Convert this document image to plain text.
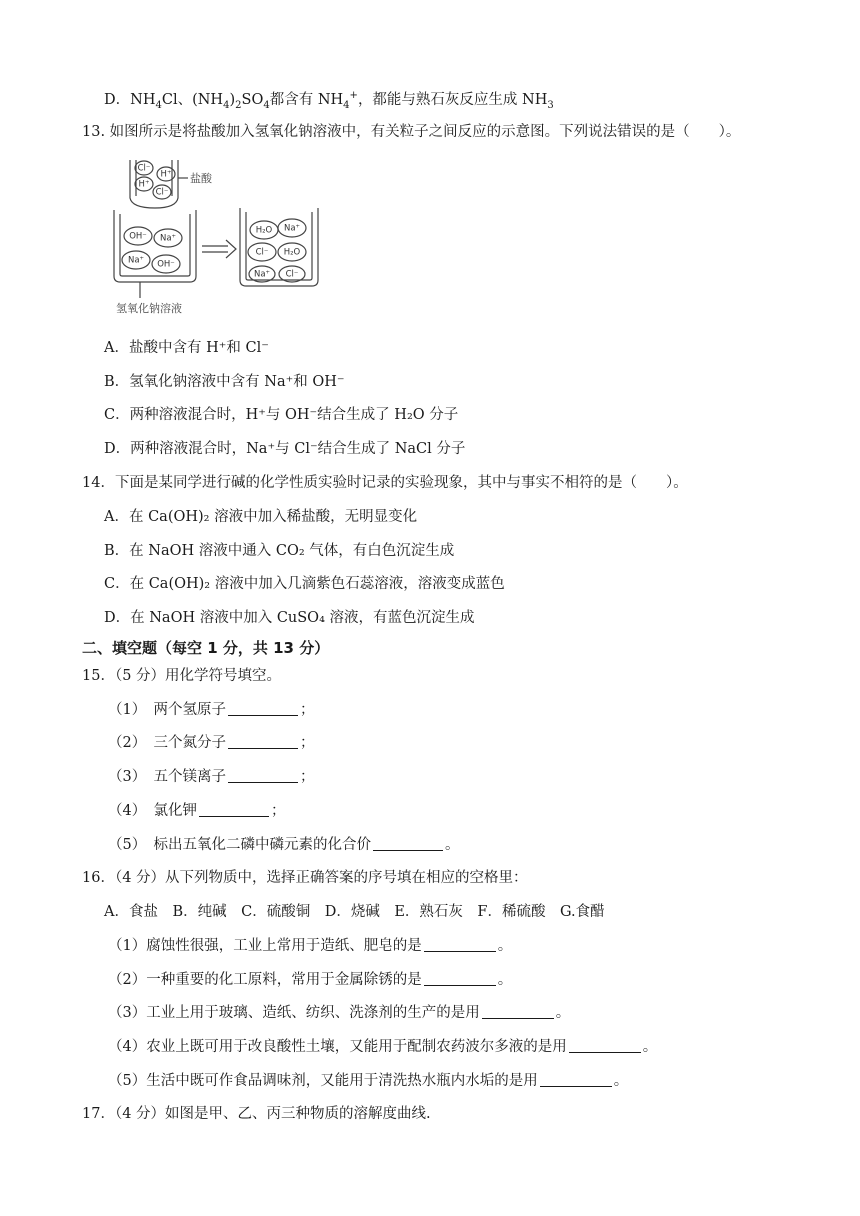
D．$NH_4Cl$、$(NH_4)_2SO_4$都含有 $NH_4^+$，都能与熟石灰反应生成 $NH_3$
13. 如图所示是将盐酸加入氢氧化钠溶液中，有关粒子之间反应的示意图。下列说法错误的是（　　）。
Cl⁻
H⁺
H⁺
Cl⁻
OH⁻ Na⁺
Na⁺ OH⁻
H₂O Na⁺
Cl⁻ H₂O
Na⁺ Cl⁻
盐酸
氢氧化钠溶液
A．盐酸中含有 H⁺和 Cl⁻
B．氢氧化钠溶液中含有 Na⁺和 OH⁻
C．两种溶液混合时，H⁺与 OH⁻结合生成了 H₂O 分子
D．两种溶液混合时，Na⁺与 Cl⁻结合生成了 NaCl 分子
14．下面是某同学进行碱的化学性质实验时记录的实验现象，其中与事实不相符的是（　　）。
A．在 Ca(OH)₂ 溶液中加入稀盐酸，无明显变化
B．在 NaOH 溶液中通入 CO₂ 气体，有白色沉淀生成
C．在 Ca(OH)₂ 溶液中加入几滴紫色石蕊溶液，溶液变成蓝色
D．在 NaOH 溶液中加入 CuSO₄ 溶液，有蓝色沉淀生成
二、填空题（每空 1 分，共 13 分）
15．（5 分）用化学符号填空。
（1）　两个氢原子	；
（2）　三个氮分子	；
（3）　五个镁离子	；
（4）　氯化钾	；
（5）　标出五氧化二磷中磷元素的化合价	。
16．（4 分）从下列物质中，选择正确答案的序号填在相应的空格里：
A．食盐　B．纯碱　C．硫酸铜　D．烧碱　E．熟石灰　F．稀硫酸　G.食醋
（1）腐蚀性很强，工业上常用于造纸、肥皂的是	。
（2）一种重要的化工原料，常用于金属除锈的是	。
（3）工业上用于玻璃、造纸、纺织、洗涤剂的生产的是用	。
（4）农业上既可用于改良酸性土壤，又能用于配制农药波尔多液的是用	。
（5）生活中既可作食品调味剂，又能用于清洗热水瓶内水垢的是用	。
17．（4 分）如图是甲、乙、丙三种物质的溶解度曲线.
